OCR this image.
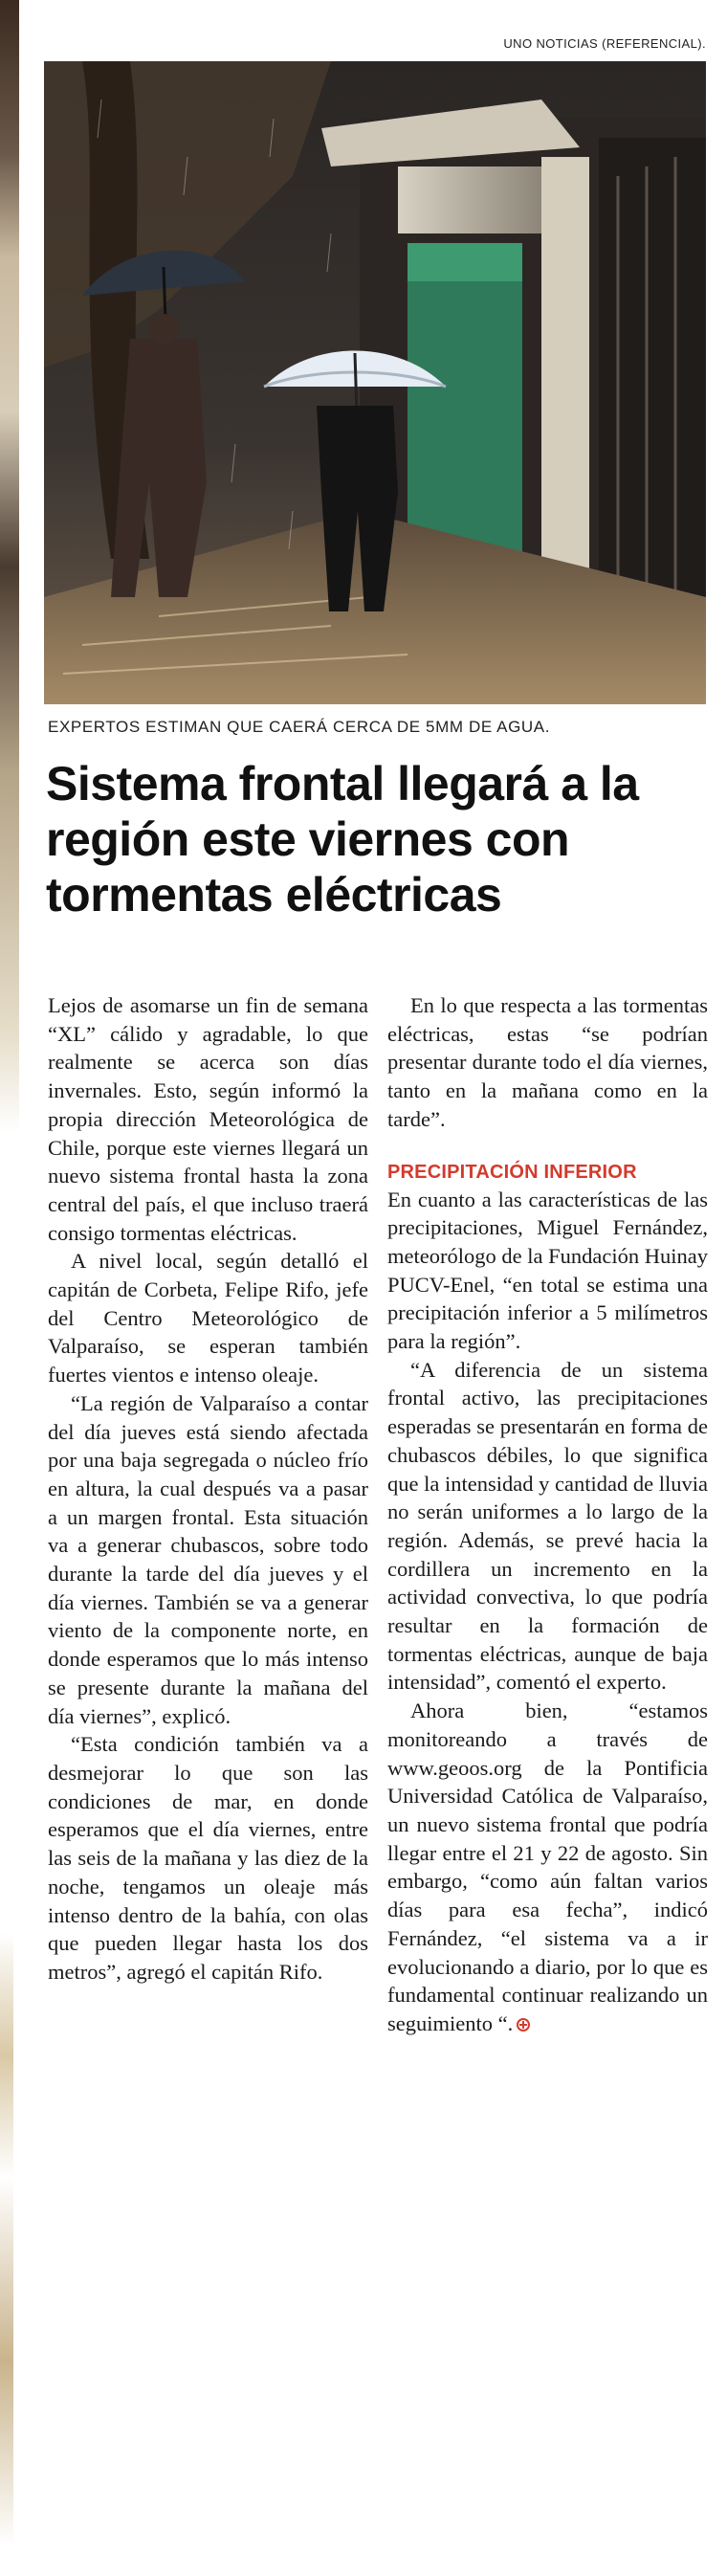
UNO NOTICIAS (REFERENCIAL).
EXPERTOS ESTIMAN QUE CAERÁ CERCA DE 5MM DE AGUA.
Sistema frontal llegará a la región este viernes con tormentas eléctricas

Lejos de asomarse un fin de semana “XL” cálido y agradable, lo que realmente se acerca son días invernales. Esto, según informó la propia dirección Meteorológica de Chile, porque este viernes llegará un nuevo sistema frontal hasta la zona central del país, el que incluso traerá consigo tormentas eléctricas.

A nivel local, según detalló el capitán de Corbeta, Felipe Rifo, jefe del Centro Meteorológico de Valparaíso, se esperan también fuertes vientos e intenso oleaje.

“La región de Valparaíso a contar del día jueves está siendo afectada por una baja segregada o núcleo frío en altura, la cual después va a pasar a un margen frontal. Esta situación va a generar chubascos, sobre todo durante la tarde del día jueves y el día viernes. También se va a generar viento de la componente norte, en donde esperamos que lo más intenso se presente durante la mañana del día viernes”, explicó.

“Esta condición también va a desmejorar lo que son las condiciones de mar, en donde esperamos que el día viernes, entre las seis de la mañana y las diez de la noche, tengamos un oleaje más intenso dentro de la bahía, con olas que pueden llegar hasta los dos metros”, agregó el capitán Rifo.

En lo que respecta a las tormentas eléctricas, estas “se podrían presentar durante todo el día viernes, tanto en la mañana como en la tarde”.

PRECIPITACIÓN INFERIOR

En cuanto a las características de las precipitaciones, Miguel Fernández, meteorólogo de la Fundación Huinay PUCV-Enel, “en total se estima una precipitación inferior a 5 milímetros para la región”.

“A diferencia de un sistema frontal activo, las precipitaciones esperadas se presentarán en forma de chubascos débiles, lo que significa que la intensidad y cantidad de lluvia no serán uniformes a lo largo de la región. Además, se prevé hacia la cordillera un incremento en la actividad convectiva, lo que podría resultar en la formación de tormentas eléctricas, aunque de baja intensidad”, comentó el experto.

Ahora bien, “estamos monitoreando a través de www.geoos.org de la Pontificia Universidad Católica de Valparaíso, un nuevo sistema frontal que podría llegar entre el 21 y 22 de agosto. Sin embargo, “como aún faltan varios días para esa fecha”, indicó Fernández, “el sistema va a ir evolucionando a diario, por lo que es fundamental continuar realizando un seguimiento “.
